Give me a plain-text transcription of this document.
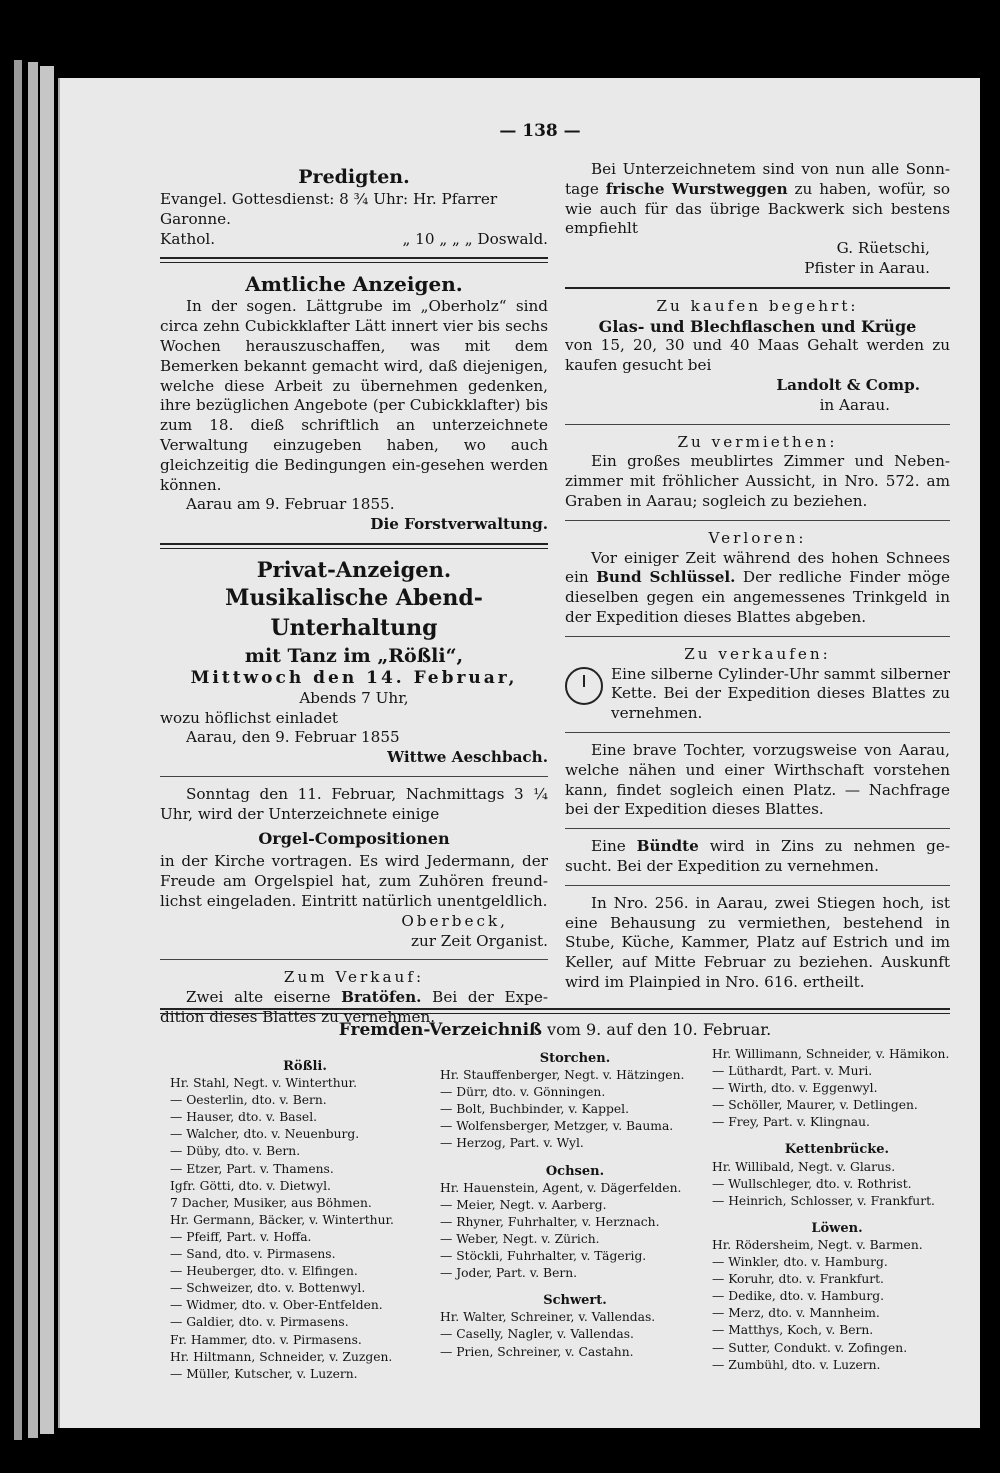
— 138 —
Predigten.
Evangel. Gottesdienst: 8 ¾ Uhr: Hr. Pfarrer Garonne.
Kathol.	„ 10 „ „ „ Doswald.
Amtliche Anzeigen.
In der sogen. Lättgrube im „Oberholz“ sind circa zehn Cubickklafter Lätt innert vier bis sechs Wochen herauszuschaffen, was mit dem Bemerken bekannt gemacht wird, daß diejenigen, welche diese Arbeit zu übernehmen gedenken, ihre bezüglichen Angebote (per Cubickklafter) bis zum 18. dieß schriftlich an unterzeichnete Verwaltung einzugeben haben, wo auch gleichzeitig die Bedingungen ein-gesehen werden können.
Aarau am 9. Februar 1855.
Die Forstverwaltung.
Privat-Anzeigen.
Musikalische Abend-Unterhaltung
mit Tanz im „Rößli“,
Mittwoch den 14. Februar,
Abends 7 Uhr,
wozu höflichst einladet
Aarau, den 9. Februar 1855
Wittwe Aeschbach.
Sonntag den 11. Februar, Nachmittags 3 ¼ Uhr, wird der Unterzeichnete einige
Orgel-Compositionen
in der Kirche vortragen. Es wird Jedermann, der Freude am Orgelspiel hat, zum Zuhören freund-lichst eingeladen. Eintritt natürlich unentgeldlich.
Oberbeck,
zur Zeit Organist.
Zum Verkauf:
Zwei alte eiserne Bratöfen. Bei der Expe-dition dieses Blattes zu vernehmen.
Bei Unterzeichnetem sind von nun alle Sonn-tage frische Wurstweggen zu haben, wofür, so wie auch für das übrige Backwerk sich bestens empfiehlt
G. Rüetschi,
Pfister in Aarau.
Zu kaufen begehrt:
Glas- und Blechflaschen und Krüge
von 15, 20, 30 und 40 Maas Gehalt werden zu kaufen gesucht bei
Landolt & Comp.
in Aarau.
Zu vermiethen:
Ein großes meublirtes Zimmer und Neben-zimmer mit fröhlicher Aussicht, in Nro. 572. am Graben in Aarau; sogleich zu beziehen.
Verloren:
Vor einiger Zeit während des hohen Schnees ein Bund Schlüssel. Der redliche Finder möge dieselben gegen ein angemessenes Trinkgeld in der Expedition dieses Blattes abgeben.
Zu verkaufen:
Eine silberne Cylinder-Uhr sammt silberner Kette. Bei der Expedition dieses Blattes zu vernehmen.
Eine brave Tochter, vorzugsweise von Aarau, welche nähen und einer Wirthschaft vorstehen kann, findet sogleich einen Platz. — Nachfrage bei der Expedition dieses Blattes.
Eine Bündte wird in Zins zu nehmen ge-sucht. Bei der Expedition zu vernehmen.
In Nro. 256. in Aarau, zwei Stiegen hoch, ist eine Behausung zu vermiethen, bestehend in Stube, Küche, Kammer, Platz auf Estrich und im Keller, auf Mitte Februar zu beziehen. Auskunft wird im Plainpied in Nro. 616. ertheilt.
Fremden-Verzeichniß vom 9. auf den 10. Februar.
Rößli.
Hr. Stahl, Negt. v. Winterthur.
— Oesterlin, dto. v. Bern.
— Hauser, dto. v. Basel.
— Walcher, dto. v. Neuenburg.
— Düby, dto. v. Bern.
— Etzer, Part. v. Thamens.
Igfr. Götti, dto. v. Dietwyl.
7 Dacher, Musiker, aus Böhmen.
Hr. Germann, Bäcker, v. Winterthur.
— Pfeiff, Part. v. Hoffa.
— Sand, dto. v. Pirmasens.
— Heuberger, dto. v. Elfingen.
— Schweizer, dto. v. Bottenwyl.
— Widmer, dto. v. Ober-Entfelden.
— Galdier, dto. v. Pirmasens.
Fr. Hammer, dto. v. Pirmasens.
Hr. Hiltmann, Schneider, v. Zuzgen.
— Müller, Kutscher, v. Luzern.
Storchen.
Hr. Stauffenberger, Negt. v. Hätzingen.
— Dürr, dto. v. Gönningen.
— Bolt, Buchbinder, v. Kappel.
— Wolfensberger, Metzger, v. Bauma.
— Herzog, Part. v. Wyl.
Ochsen.
Hr. Hauenstein, Agent, v. Dägerfelden.
— Meier, Negt. v. Aarberg.
— Rhyner, Fuhrhalter, v. Herznach.
— Weber, Negt. v. Zürich.
— Stöckli, Fuhrhalter, v. Tägerig.
— Joder, Part. v. Bern.
Schwert.
Hr. Walter, Schreiner, v. Vallendas.
— Caselly, Nagler, v. Vallendas.
— Prien, Schreiner, v. Castahn.
Hr. Willimann, Schneider, v. Hämikon.
— Lüthardt, Part. v. Muri.
— Wirth, dto. v. Eggenwyl.
— Schöller, Maurer, v. Detlingen.
— Frey, Part. v. Klingnau.
Kettenbrücke.
Hr. Willibald, Negt. v. Glarus.
— Wullschleger, dto. v. Rothrist.
— Heinrich, Schlosser, v. Frankfurt.
Löwen.
Hr. Rödersheim, Negt. v. Barmen.
— Winkler, dto. v. Hamburg.
— Koruhr, dto. v. Frankfurt.
— Dedike, dto. v. Hamburg.
— Merz, dto. v. Mannheim.
— Matthys, Koch, v. Bern.
— Sutter, Condukt. v. Zofingen.
— Zumbühl, dto. v. Luzern.
